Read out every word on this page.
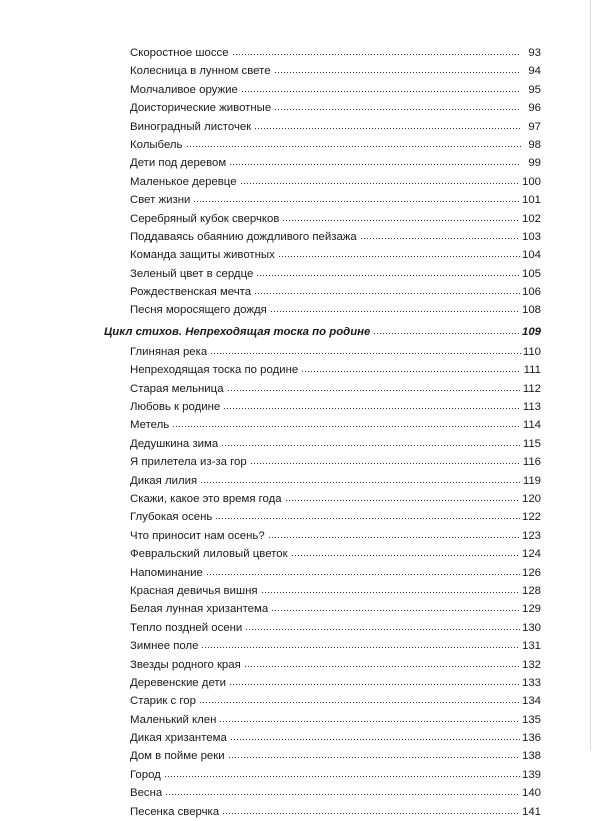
Скоростное шоссе	93
Колесница в лунном свете	94
Молчаливое оружие	95
Доисторические животные	96
Виноградный листочек	97
Колыбель	98
Дети под деревом	99
Маленькое деревце	100
Свет жизни	101
Серебряный кубок сверчков	102
Поддаваясь обаянию дождливого пейзажа	103
Команда защиты животных	104
Зеленый цвет в сердце	105
Рождественская мечта	106
Песня моросящего дождя	108
Цикл стихов. Непреходящая тоска по родине	109
Глиняная река	110
Непреходящая тоска по родине	111
Старая мельница	112
Любовь к родине	113
Метель	114
Дедушкина зима	115
Я прилетела из-за гор	116
Дикая лилия	119
Скажи, какое это время года	120
Глубокая осень	122
Что приносит нам осень?	123
Февральский лиловый цветок	124
Напоминание	126
Красная девичья вишня	128
Белая лунная хризантема	129
Тепло поздней осени	130
Зимнее поле	131
Звезды родного края	132
Деревенские дети	133
Старик с гор	134
Маленький клен	135
Дикая хризантема	136
Дом в пойме реки	138
Город	139
Весна	140
Песенка сверчка	141
